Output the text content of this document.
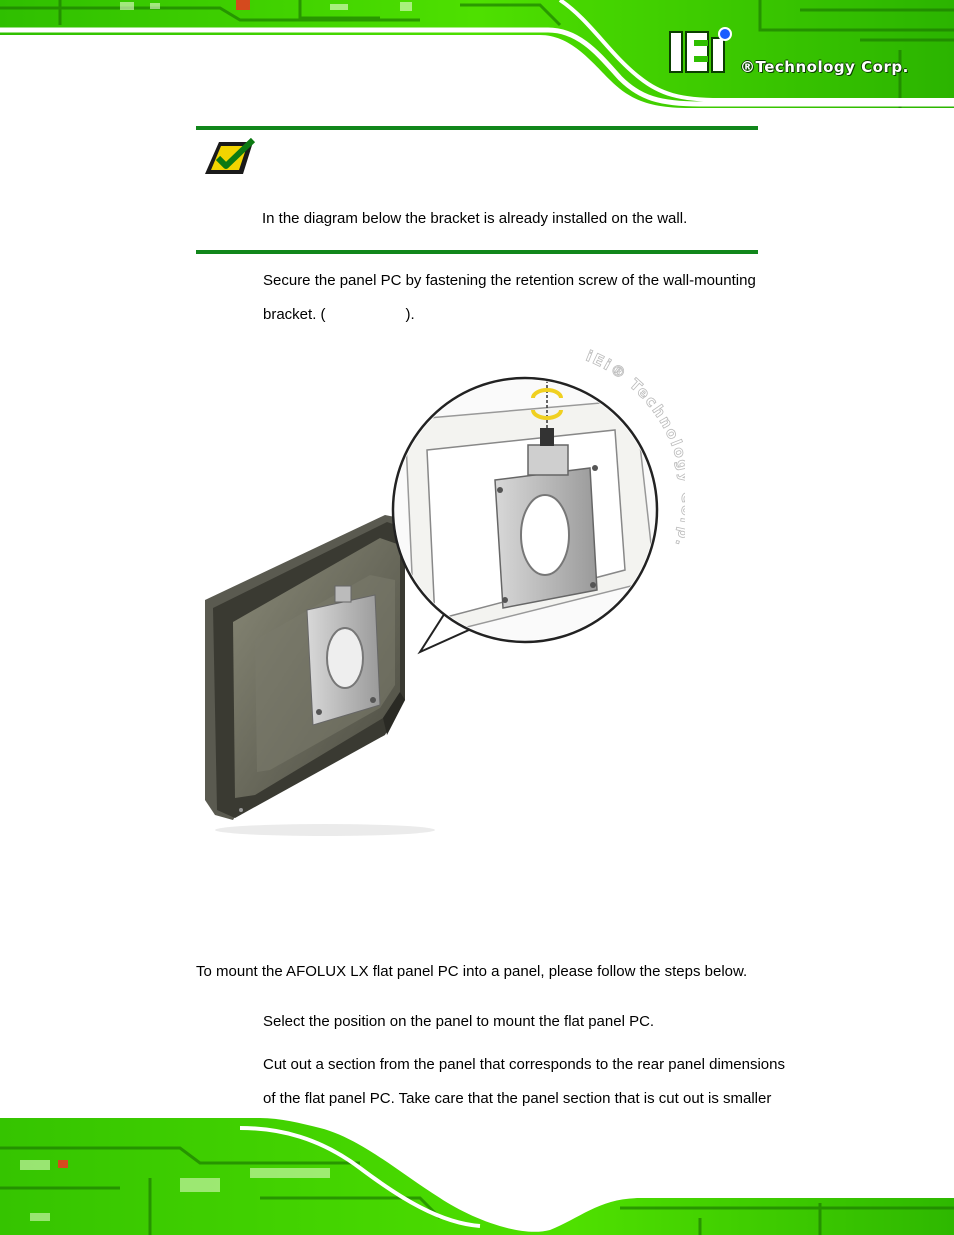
®Technology Corp.
In the diagram below the bracket is already installed on the wall.
Secure the panel PC by fastening the retention screw of the wall-mounting
bracket. (	).
iEi® Technol
To mount the AFOLUX LX flat panel PC into a panel, please follow the steps below.
Select the position on the panel to mount the flat panel PC.
Cut out a section from the panel that corresponds to the rear panel dimensions
of the flat panel PC. Take care that the panel section that is cut out is smaller
